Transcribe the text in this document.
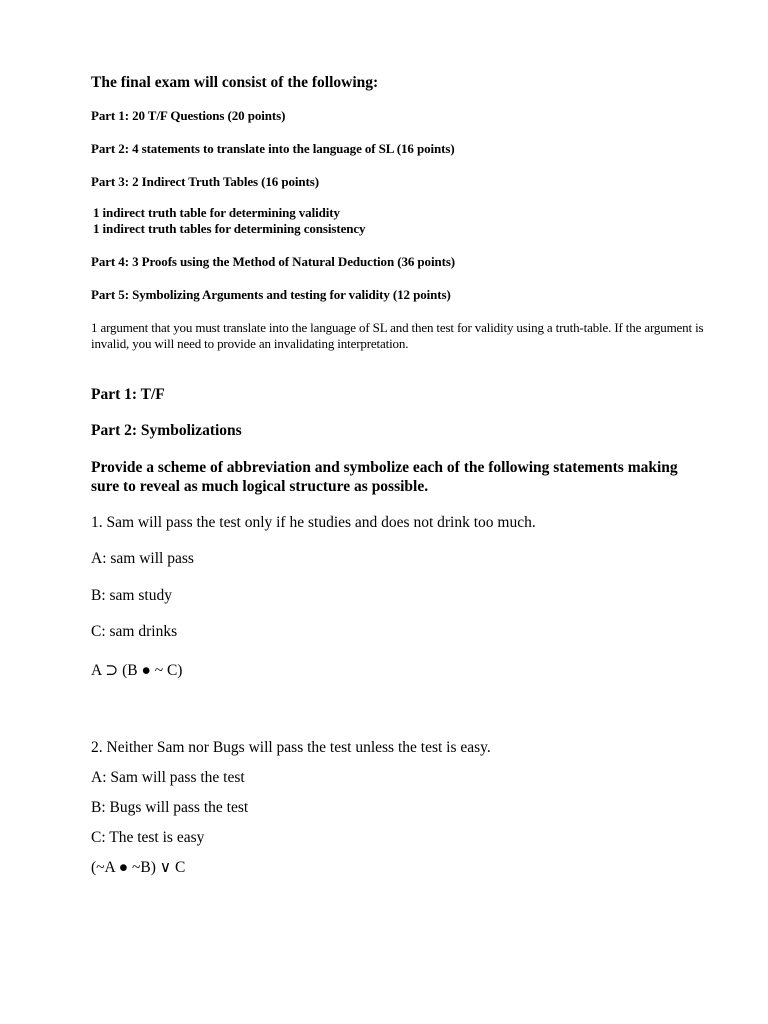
The final exam will consist of the following:
Part 1: 20 T/F Questions (20 points)
Part 2: 4 statements to translate into the language of SL (16 points)
Part 3: 2 Indirect Truth Tables (16 points)
1 indirect truth table for determining validity
1 indirect truth tables for determining consistency
Part 4: 3 Proofs using the Method of Natural Deduction (36 points)
Part 5: Symbolizing Arguments and testing for validity (12 points)
1 argument that you must translate into the language of SL and then test for validity using a truth-table. If the argument is invalid, you will need to provide an invalidating interpretation.
Part 1: T/F
Part 2: Symbolizations
Provide a scheme of abbreviation and symbolize each of the following statements making sure to reveal as much logical structure as possible.
1. Sam will pass the test only if he studies and does not drink too much.
A: sam will pass
B: sam study
C: sam drinks
A ⊃ (B ● ~ C)
2. Neither Sam nor Bugs will pass the test unless the test is easy.
A: Sam will pass the test
B: Bugs will pass the test
C: The test is easy
(~A ● ~B) ∨ C
